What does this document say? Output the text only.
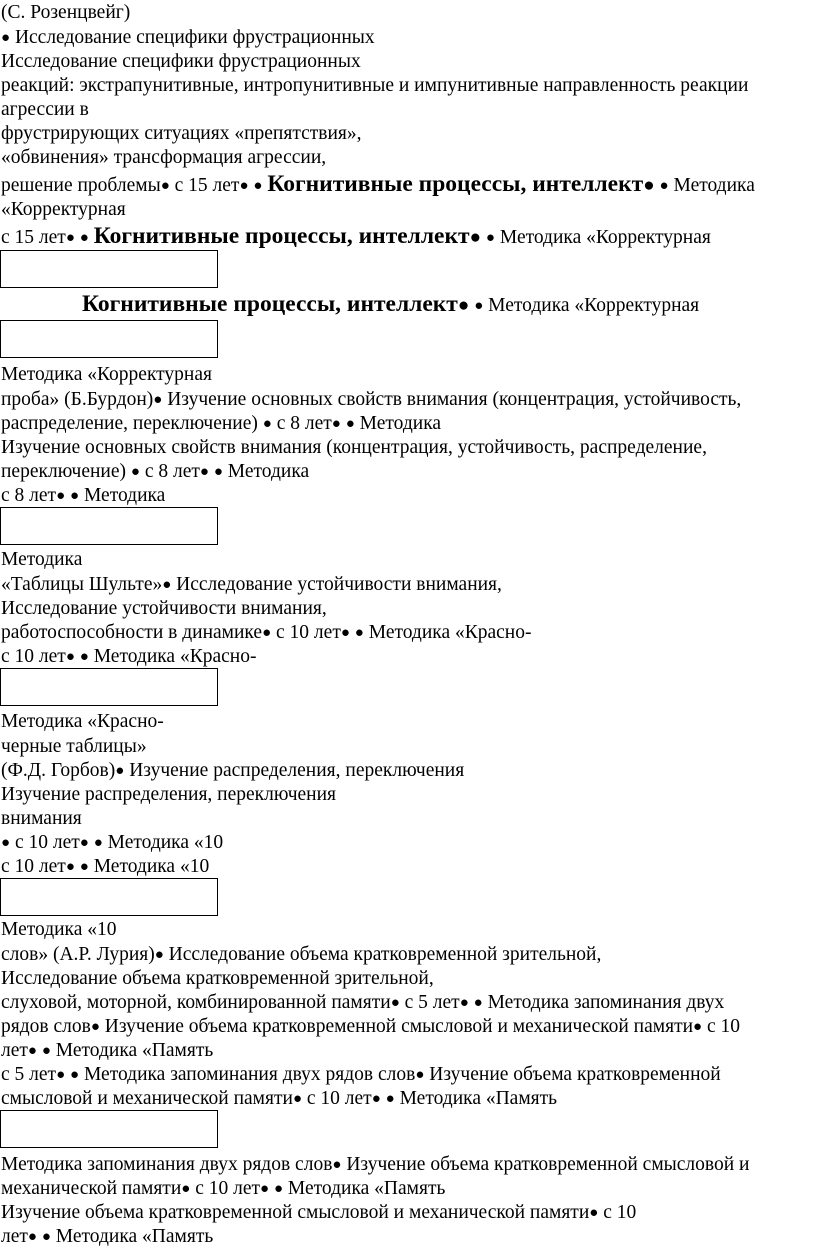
(С. Розенцвейг)
● Исследование специфики фрустрационных
Исследование специфики фрустрационных
реакций: экстрапунитивные, интропунитивные и импунитивные направленность реакции
агрессии в
фрустрирующих ситуациях «препятствия»,
«обвинения» трансформация агрессии,
решение проблемы● с 15 лет● ● Когнитивные процессы, интеллект● ● Методика
«Корректурная
с 15 лет● ● Когнитивные процессы, интеллект● ● Методика «Корректурная
Когнитивные процессы, интеллект● ● Методика «Корректурная
Методика «Корректурная
проба» (Б.Бурдон)● Изучение основных свойств внимания (концентрация, устойчивость,
распределение, переключение) ● с 8 лет● ● Методика
Изучение основных свойств внимания (концентрация, устойчивость, распределение,
переключение) ● с 8 лет● ● Методика
с 8 лет● ● Методика
Методика
«Таблицы Шульте»● Исследование устойчивости внимания,
Исследование устойчивости внимания,
работоспособности в динамике● с 10 лет● ● Методика «Красно-
с 10 лет● ● Методика «Красно-
Методика «Красно-
черные таблицы»
(Ф.Д. Горбов)● Изучение распределения, переключения
Изучение распределения, переключения
внимания
● с 10 лет● ● Методика «10
с 10 лет● ● Методика «10
Методика «10
слов» (А.Р. Лурия)● Исследование объема кратковременной зрительной,
Исследование объема кратковременной зрительной,
слуховой, моторной, комбинированной памяти● с 5 лет● ● Методика запоминания двух
рядов слов● Изучение объема кратковременной смысловой и механической памяти● с 10
лет● ● Методика «Память
с 5 лет● ● Методика запоминания двух рядов слов● Изучение объема кратковременной
смысловой и механической памяти● с 10 лет● ● Методика «Память
Методика запоминания двух рядов слов● Изучение объема кратковременной смысловой и
механической памяти● с 10 лет● ● Методика «Память
Изучение объема кратковременной смысловой и механической памяти● с 10
лет● ● Методика «Память
